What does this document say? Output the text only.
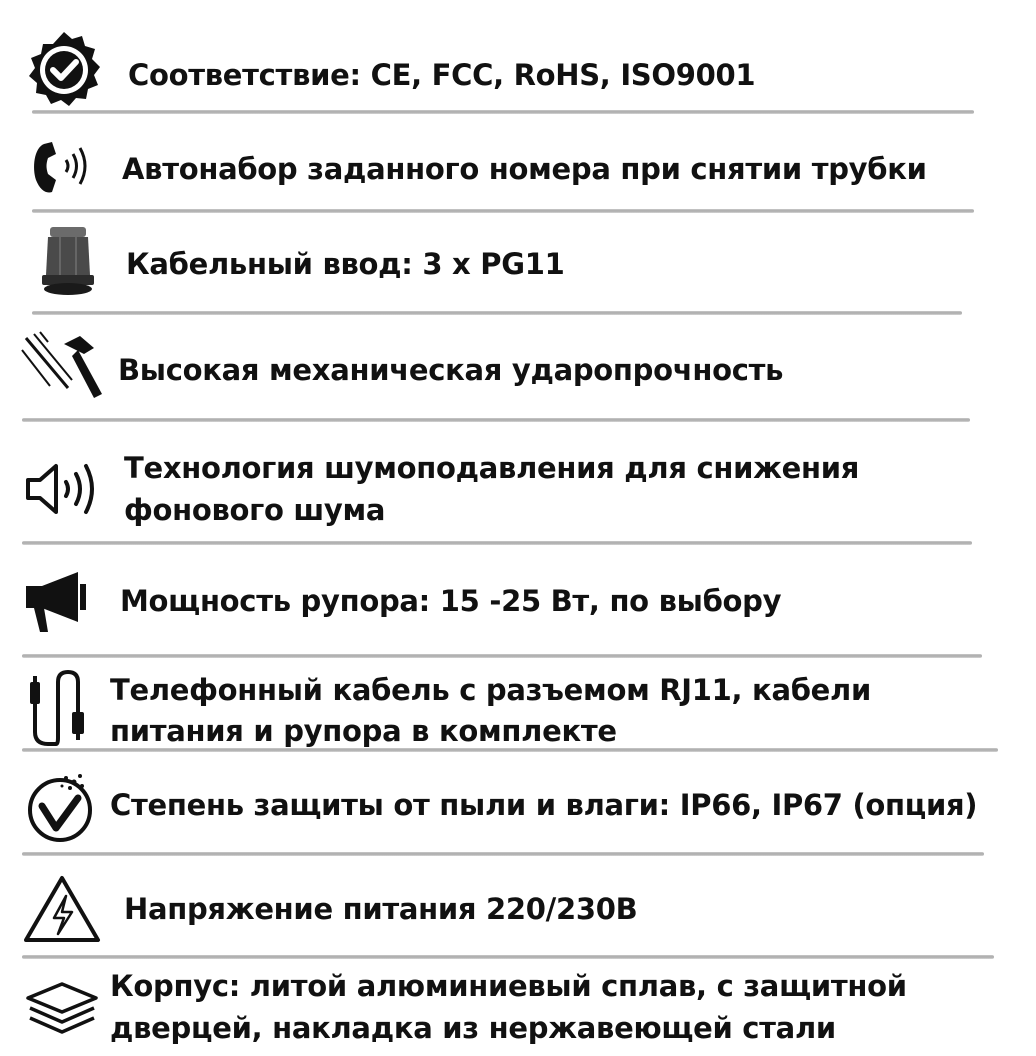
Соответствие: CE, FCC, RoHS, ISO9001
Автонабор заданного номера при снятии трубки
Кабельный ввод: 3 x PG11
Высокая механическая ударопрочность
Технология шумоподавления для снижения
фонового шума
Мощность рупора: 15 -25 Вт, по выбору
Телефонный кабель с разъемом RJ11, кабели
питания и рупора в комплекте
Степень защиты от пыли и влаги: IP66, IP67 (опция)
Напряжение питания 220/230В
Корпус: литой алюминиевый сплав, с защитной
дверцей, накладка из нержавеющей стали
